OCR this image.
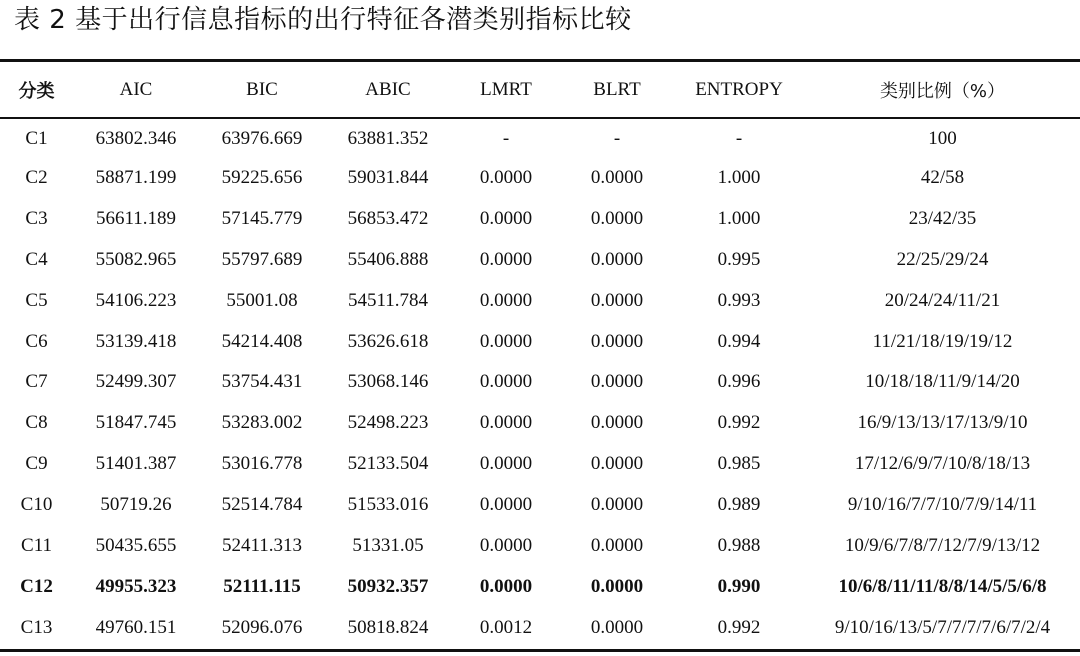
表 2 基于出行信息指标的出行特征各潜类别指标比较
分类	AIC	BIC	ABIC	LMRT	BLRT	ENTROPY	类别比例（%）
C1	63802.346	63976.669	63881.352	-	-	-	100
C2	58871.199	59225.656	59031.844	0.0000	0.0000	1.000	42/58
C3	56611.189	57145.779	56853.472	0.0000	0.0000	1.000	23/42/35
C4	55082.965	55797.689	55406.888	0.0000	0.0000	0.995	22/25/29/24
C5	54106.223	55001.08	54511.784	0.0000	0.0000	0.993	20/24/24/11/21
C6	53139.418	54214.408	53626.618	0.0000	0.0000	0.994	11/21/18/19/19/12
C7	52499.307	53754.431	53068.146	0.0000	0.0000	0.996	10/18/18/11/9/14/20
C8	51847.745	53283.002	52498.223	0.0000	0.0000	0.992	16/9/13/13/17/13/9/10
C9	51401.387	53016.778	52133.504	0.0000	0.0000	0.985	17/12/6/9/7/10/8/18/13
C10	50719.26	52514.784	51533.016	0.0000	0.0000	0.989	9/10/16/7/7/10/7/9/14/11
C11	50435.655	52411.313	51331.05	0.0000	0.0000	0.988	10/9/6/7/8/7/12/7/9/13/12
C12	49955.323	52111.115	50932.357	0.0000	0.0000	0.990	10/6/8/11/11/8/8/14/5/5/6/8
C13	49760.151	52096.076	50818.824	0.0012	0.0000	0.992	9/10/16/13/5/7/7/7/7/6/7/2/4
